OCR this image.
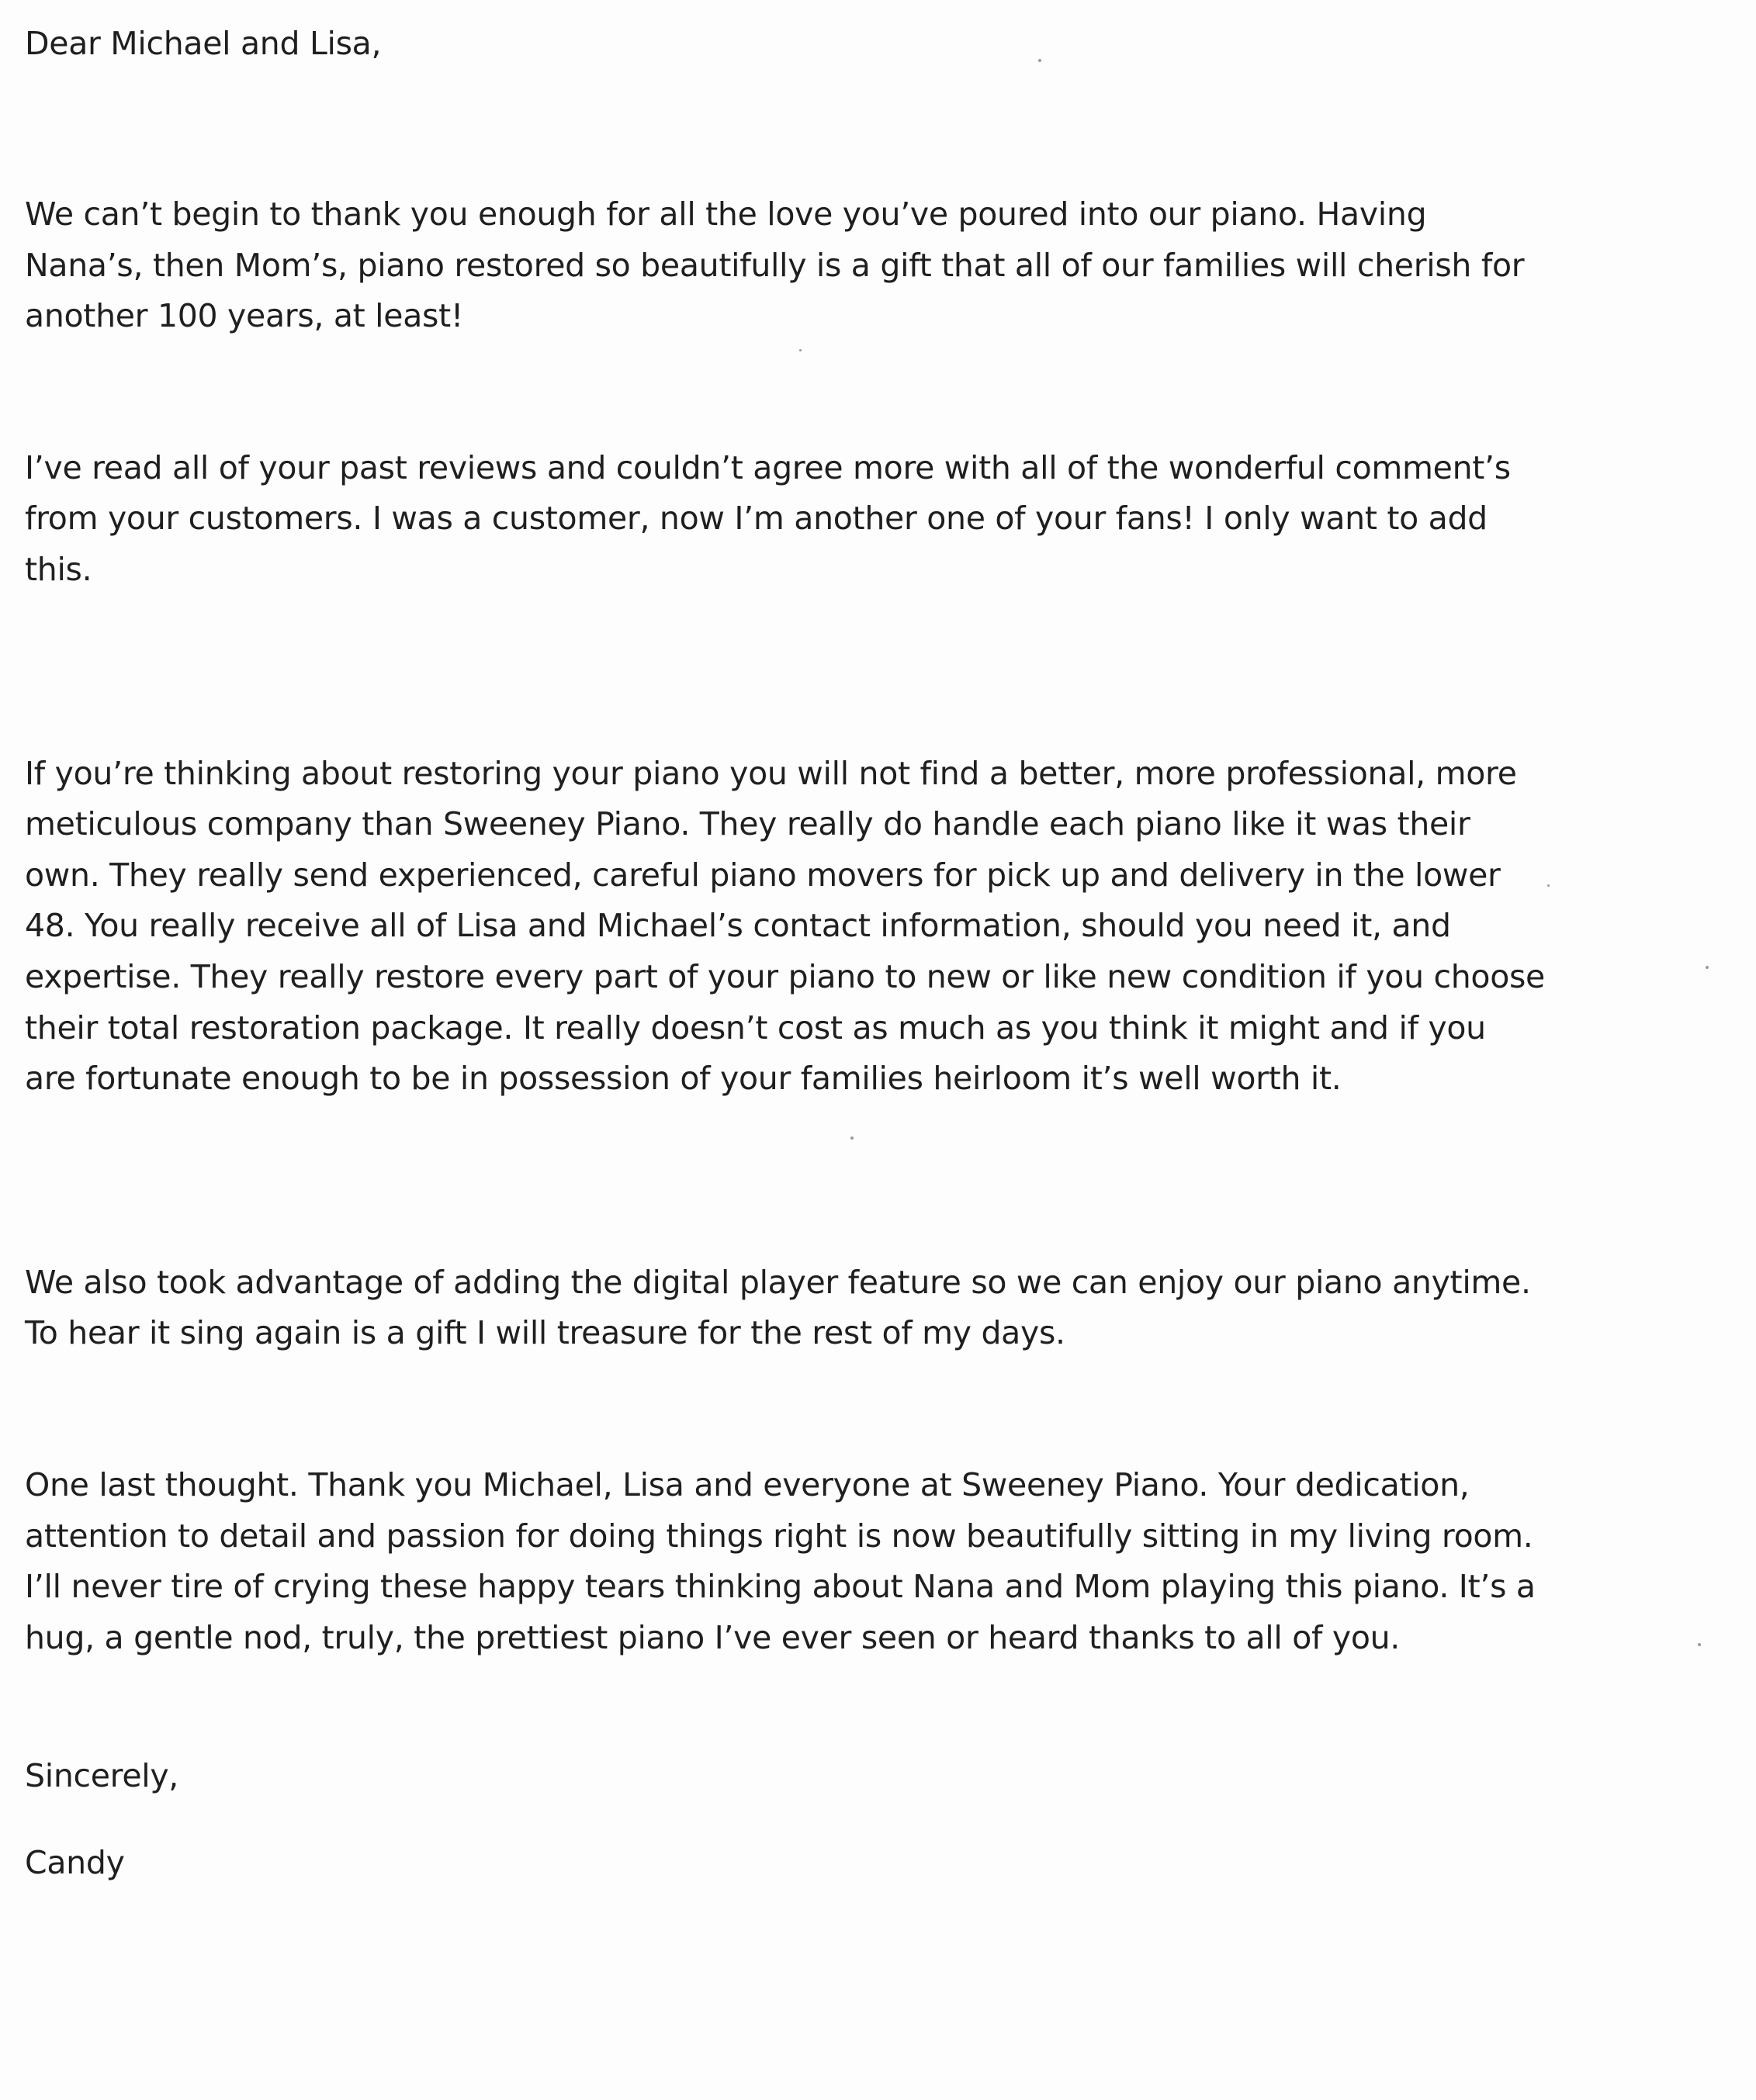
Dear Michael and Lisa,

We can’t begin to thank you enough for all the love you’ve poured into our piano. Having Nana’s, then Mom’s, piano restored so beautifully is a gift that all of our families will cherish for another 100 years, at least!

I’ve read all of your past reviews and couldn’t agree more with all of the wonderful comment’s from your customers. I was a customer, now I’m another one of your fans! I only want to add this.

If you’re thinking about restoring your piano you will not find a better, more professional, more meticulous company than Sweeney Piano. They really do handle each piano like it was their own. They really send experienced, careful piano movers for pick up and delivery in the lower 48. You really receive all of Lisa and Michael’s contact information, should you need it, and expertise. They really restore every part of your piano to new or like new condition if you choose their total restoration package. It really doesn’t cost as much as you think it might and if you are fortunate enough to be in possession of your families heirloom it’s well worth it.

We also took advantage of adding the digital player feature so we can enjoy our piano anytime. To hear it sing again is a gift I will treasure for the rest of my days.

One last thought. Thank you Michael, Lisa and everyone at Sweeney Piano. Your dedication, attention to detail and passion for doing things right is now beautifully sitting in my living room. I’ll never tire of crying these happy tears thinking about Nana and Mom playing this piano. It’s a hug, a gentle nod, truly, the prettiest piano I’ve ever seen or heard thanks to all of you.

Sincerely,

Candy
